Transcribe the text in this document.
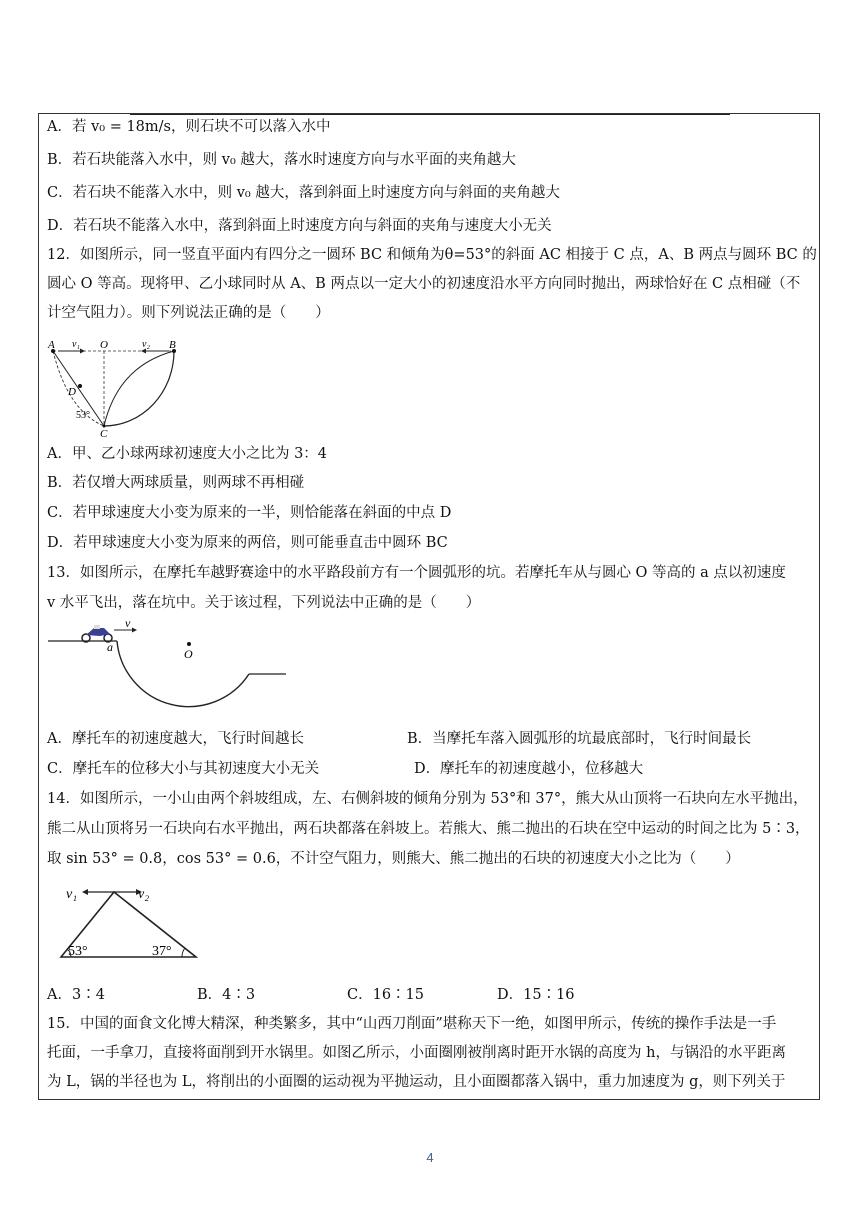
A．若 v₀ = 18m/s，则石块不可以落入水中
B．若石块能落入水中，则 v₀ 越大，落水时速度方向与水平面的夹角越大
C．若石块不能落入水中，则 v₀ 越大，落到斜面上时速度方向与斜面的夹角越大
D．若石块不能落入水中，落到斜面上时速度方向与斜面的夹角与速度大小无关
12．如图所示，同一竖直平面内有四分之一圆环 BC 和倾角为θ=53°的斜面 AC 相接于 C 点，A、B 两点与圆环 BC 的
圆心 O 等高。现将甲、乙小球同时从 A、B 两点以一定大小的初速度沿水平方向同时抛出，两球恰好在 C 点相碰（不
计空气阻力）。则下列说法正确的是（　　）
A v₁ O	v₂ B
D
53°
C
A．甲、乙小球两球初速度大小之比为 3：4
B．若仅增大两球质量，则两球不再相碰
C．若甲球速度大小变为原来的一半，则恰能落在斜面的中点 D
D．若甲球速度大小变为原来的两倍，则可能垂直击中圆环 BC
13．如图所示，在摩托车越野赛途中的水平路段前方有一个圆弧形的坑。若摩托车从与圆心 O 等高的 a 点以初速度
v 水平飞出，落在坑中。关于该过程，下列说法中正确的是（　　）
v
a	O
A．摩托车的初速度越大，飞行时间越长	B．当摩托车落入圆弧形的坑最底部时，飞行时间最长
C．摩托车的位移大小与其初速度大小无关	D．摩托车的初速度越小，位移越大
14．如图所示，一小山由两个斜坡组成，左、右侧斜坡的倾角分别为 53°和 37°，熊大从山顶将一石块向左水平抛出，
熊二从山顶将另一石块向右水平抛出，两石块都落在斜坡上。若熊大、熊二抛出的石块在空中运动的时间之比为 5∶3，
取 sin 53° = 0.8，cos 53° = 0.6，不计空气阻力，则熊大、熊二抛出的石块的初速度大小之比为（　　）
v₁	v₂
53°	37°
A．3∶4	B．4∶3	C．16∶15	D．15∶16
15．中国的面食文化博大精深，种类繁多，其中“山西刀削面”堪称天下一绝，如图甲所示，传统的操作手法是一手
托面，一手拿刀，直接将面削到开水锅里。如图乙所示，小面圈刚被削离时距开水锅的高度为 h，与锅沿的水平距离
为 L，锅的半径也为 L，将削出的小面圈的运动视为平抛运动，且小面圈都落入锅中，重力加速度为 g，则下列关于
4
